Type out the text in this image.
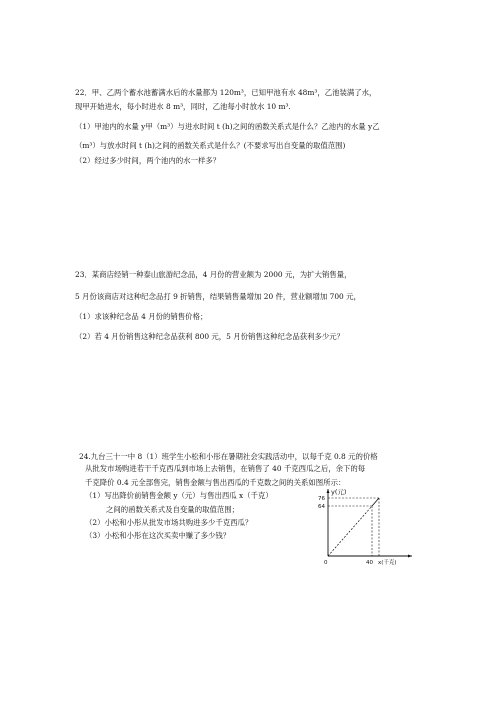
22．甲、乙两个蓄水池蓄满水后的水量都为 120m³，已知甲池有水 48m³，乙池装满了水，
现甲开始进水，每小时进水 8 m³，同时，乙池每小时放水 10 m³.
（1）甲池内的水量 y甲（m³）与进水时间 t (h)之间的函数关系式是什么？乙池内的水量 y乙
（m³）与放水时间 t (h)之间的函数关系式是什么？(不要求写出自变量的取值范围)
（2）经过多少时间，两个池内的水一样多？
23．某商店经销一种泰山旅游纪念品，4 月份的营业额为 2000 元，为扩大销售量，
5 月份该商店对这种纪念品打 9 折销售，结果销售量增加 20 件，营业额增加 700 元，
（1）求该种纪念品 4 月份的销售价格；
（2）若 4 月份销售这种纪念品获利 800 元，5 月份销售这种纪念品获利多少元？
24.九台三十一中 8（1）班学生小松和小彤在暑期社会实践活动中，以每千克 0.8 元的价格
从批发市场购进若干千克西瓜到市场上去销售，在销售了 40 千克西瓜之后，余下的每
千克降价 0.4 元全部售完，销售金额与售出西瓜的千克数之间的关系如图所示：
（1）写出降价前销售金额 y（元）与售出西瓜 x（千克）
之间的函数关系式及自变量的取值范围；
（2）小松和小彤从批发市场共购进多少千克西瓜？
（3）小松和小彤在这次买卖中赚了多少钱？
y(元)
76
64
0	40 x(千克)
